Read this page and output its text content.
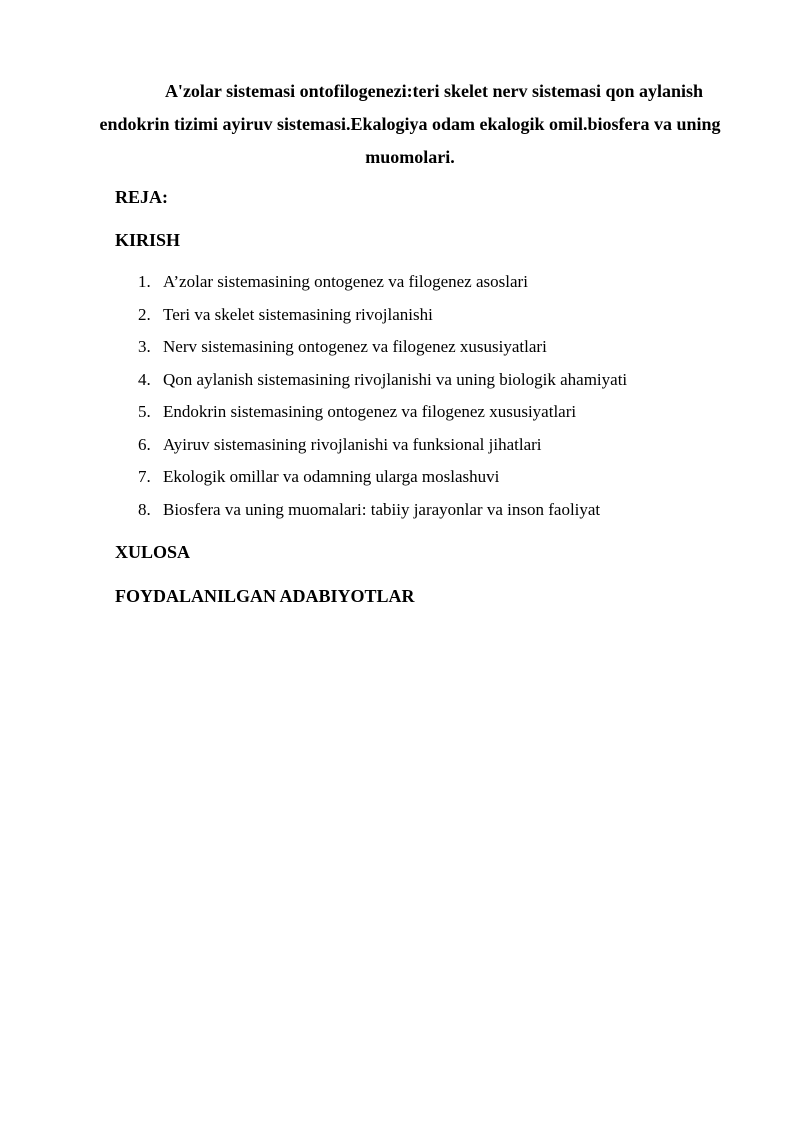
A'zolar sistemasi ontofilogenezi:teri skelet nerv sistemasi qon aylanish endokrin tizimi ayiruv sistemasi.Ekalogiya odam ekalogik omil.biosfera va uning muomolari.

REJA:

KIRISH

1. A’zolar sistemasining ontogenez va filogenez asoslari
2. Teri va skelet sistemasining rivojlanishi
3. Nerv sistemasining ontogenez va filogenez xususiyatlari
4. Qon aylanish sistemasining rivojlanishi va uning biologik ahamiyati
5. Endokrin sistemasining ontogenez va filogenez xususiyatlari
6. Ayiruv sistemasining rivojlanishi va funksional jihatlari
7. Ekologik omillar va odamning ularga moslashuvi
8. Biosfera va uning muomalari: tabiiy jarayonlar va inson faoliyat

XULOSA

FOYDALANILGAN ADABIYOTLAR
